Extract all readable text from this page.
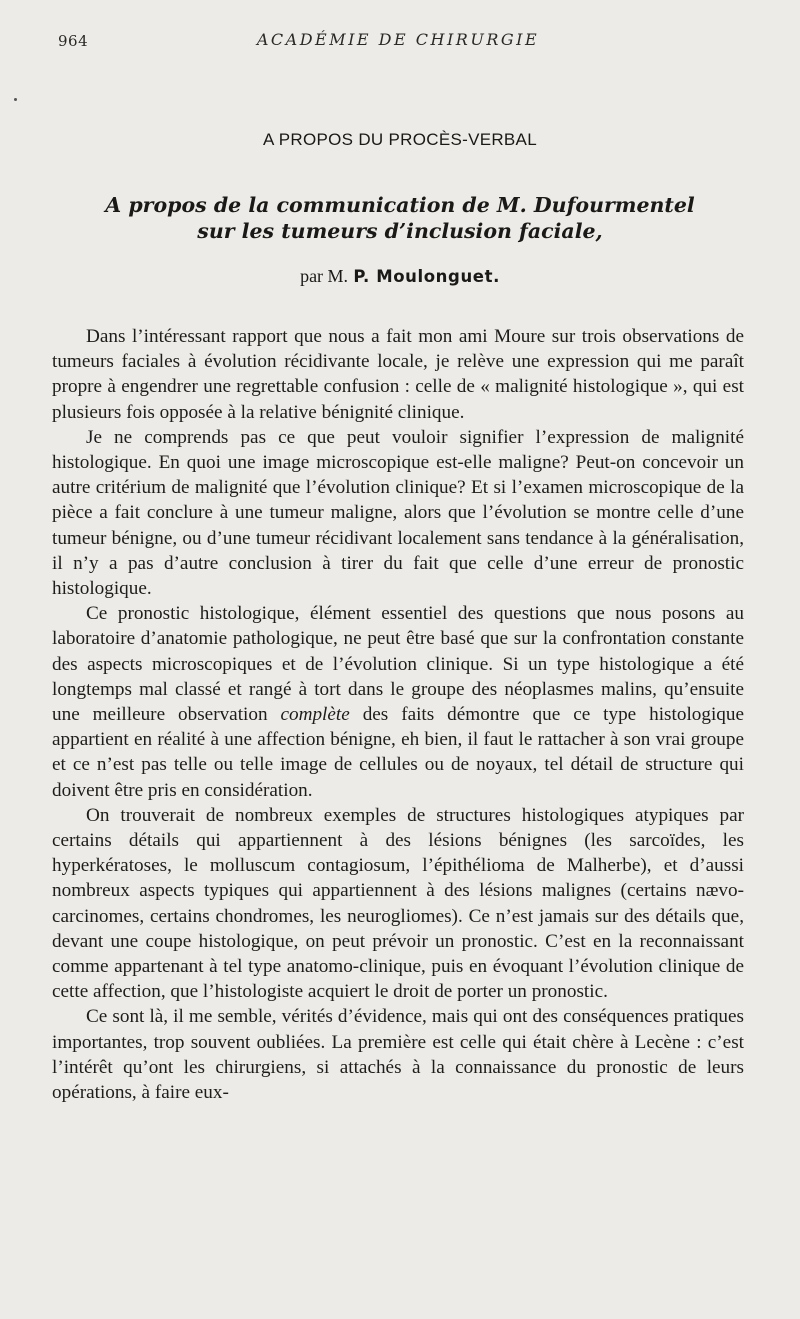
964	ACADÉMIE DE CHIRURGIE
A PROPOS DU PROCÈS-VERBAL
A propos de la communication de M. Dufourmentel
sur les tumeurs d’inclusion faciale,
par M. P. Moulonguet.

Dans l’intéressant rapport que nous a fait mon ami Moure sur trois observations de tumeurs faciales à évolution récidivante locale, je relève une expression qui me paraît propre à engendrer une regrettable confusion : celle de « malignité histologique », qui est plusieurs fois opposée à la relative bénignité clinique.

Je ne comprends pas ce que peut vouloir signifier l’expression de malignité histologique. En quoi une image microscopique est-elle maligne? Peut-on concevoir un autre critérium de malignité que l’évolution clinique? Et si l’examen microscopique de la pièce a fait conclure à une tumeur maligne, alors que l’évolution se montre celle d’une tumeur bénigne, ou d’une tumeur récidivant localement sans tendance à la généralisation, il n’y a pas d’autre conclusion à tirer du fait que celle d’une erreur de pronostic histologique.

Ce pronostic histologique, élément essentiel des questions que nous posons au laboratoire d’anatomie pathologique, ne peut être basé que sur la confrontation constante des aspects microscopiques et de l’évolution clinique. Si un type histologique a été longtemps mal classé et rangé à tort dans le groupe des néoplasmes malins, qu’ensuite une meilleure observation complète des faits démontre que ce type histologique appartient en réalité à une affection bénigne, eh bien, il faut le rattacher à son vrai groupe et ce n’est pas telle ou telle image de cellules ou de noyaux, tel détail de structure qui doivent être pris en considération.

On trouverait de nombreux exemples de structures histologiques atypiques par certains détails qui appartiennent à des lésions bénignes (les sarcoïdes, les hyperkératoses, le molluscum contagiosum, l’épithélioma de Malherbe), et d’aussi nombreux aspects typiques qui appartiennent à des lésions malignes (certains nævo-carcinomes, certains chondromes, les neurogliomes). Ce n’est jamais sur des détails que, devant une coupe histologique, on peut prévoir un pronostic. C’est en la reconnaissant comme appartenant à tel type anatomo-clinique, puis en évoquant l’évolution clinique de cette affection, que l’histologiste acquiert le droit de porter un pronostic.

Ce sont là, il me semble, vérités d’évidence, mais qui ont des conséquences pratiques importantes, trop souvent oubliées. La première est celle qui était chère à Lecène : c’est l’intérêt qu’ont les chirurgiens, si attachés à la connaissance du pronostic de leurs opérations, à faire eux-
